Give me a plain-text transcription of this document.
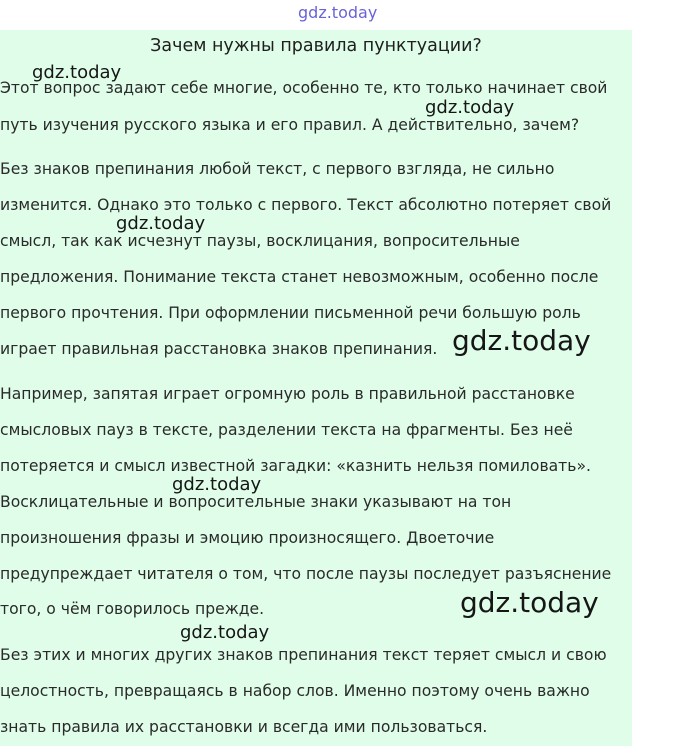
gdz.today
Зачем нужны правила пунктуации?
Этот вопрос задают себе многие, особенно те, кто только начинает свой
путь изучения русского языка и его правил. А действительно, зачем?
Без знаков препинания любой текст, с первого взгляда, не сильно
изменится. Однако это только с первого. Текст абсолютно потеряет свой
смысл, так как исчезнут паузы, восклицания, вопросительные
предложения. Понимание текста станет невозможным, особенно после
первого прочтения. При оформлении письменной речи большую роль
играет правильная расстановка знаков препинания.
Например, запятая играет огромную роль в правильной расстановке
смысловых пауз в тексте, разделении текста на фрагменты. Без неё
потеряется и смысл известной загадки: «казнить нельзя помиловать».
Восклицательные и вопросительные знаки указывают на тон
произношения фразы и эмоцию произносящего. Двоеточие
предупреждает читателя о том, что после паузы последует разъяснение
того, о чём говорилось прежде.
Без этих и многих других знаков препинания текст теряет смысл и свою
целостность, превращаясь в набор слов. Именно поэтому очень важно
знать правила их расстановки и всегда ими пользоваться.
gdz.today
gdz.today
gdz.today
gdz.today
gdz.today
gdz.today
gdz.today
